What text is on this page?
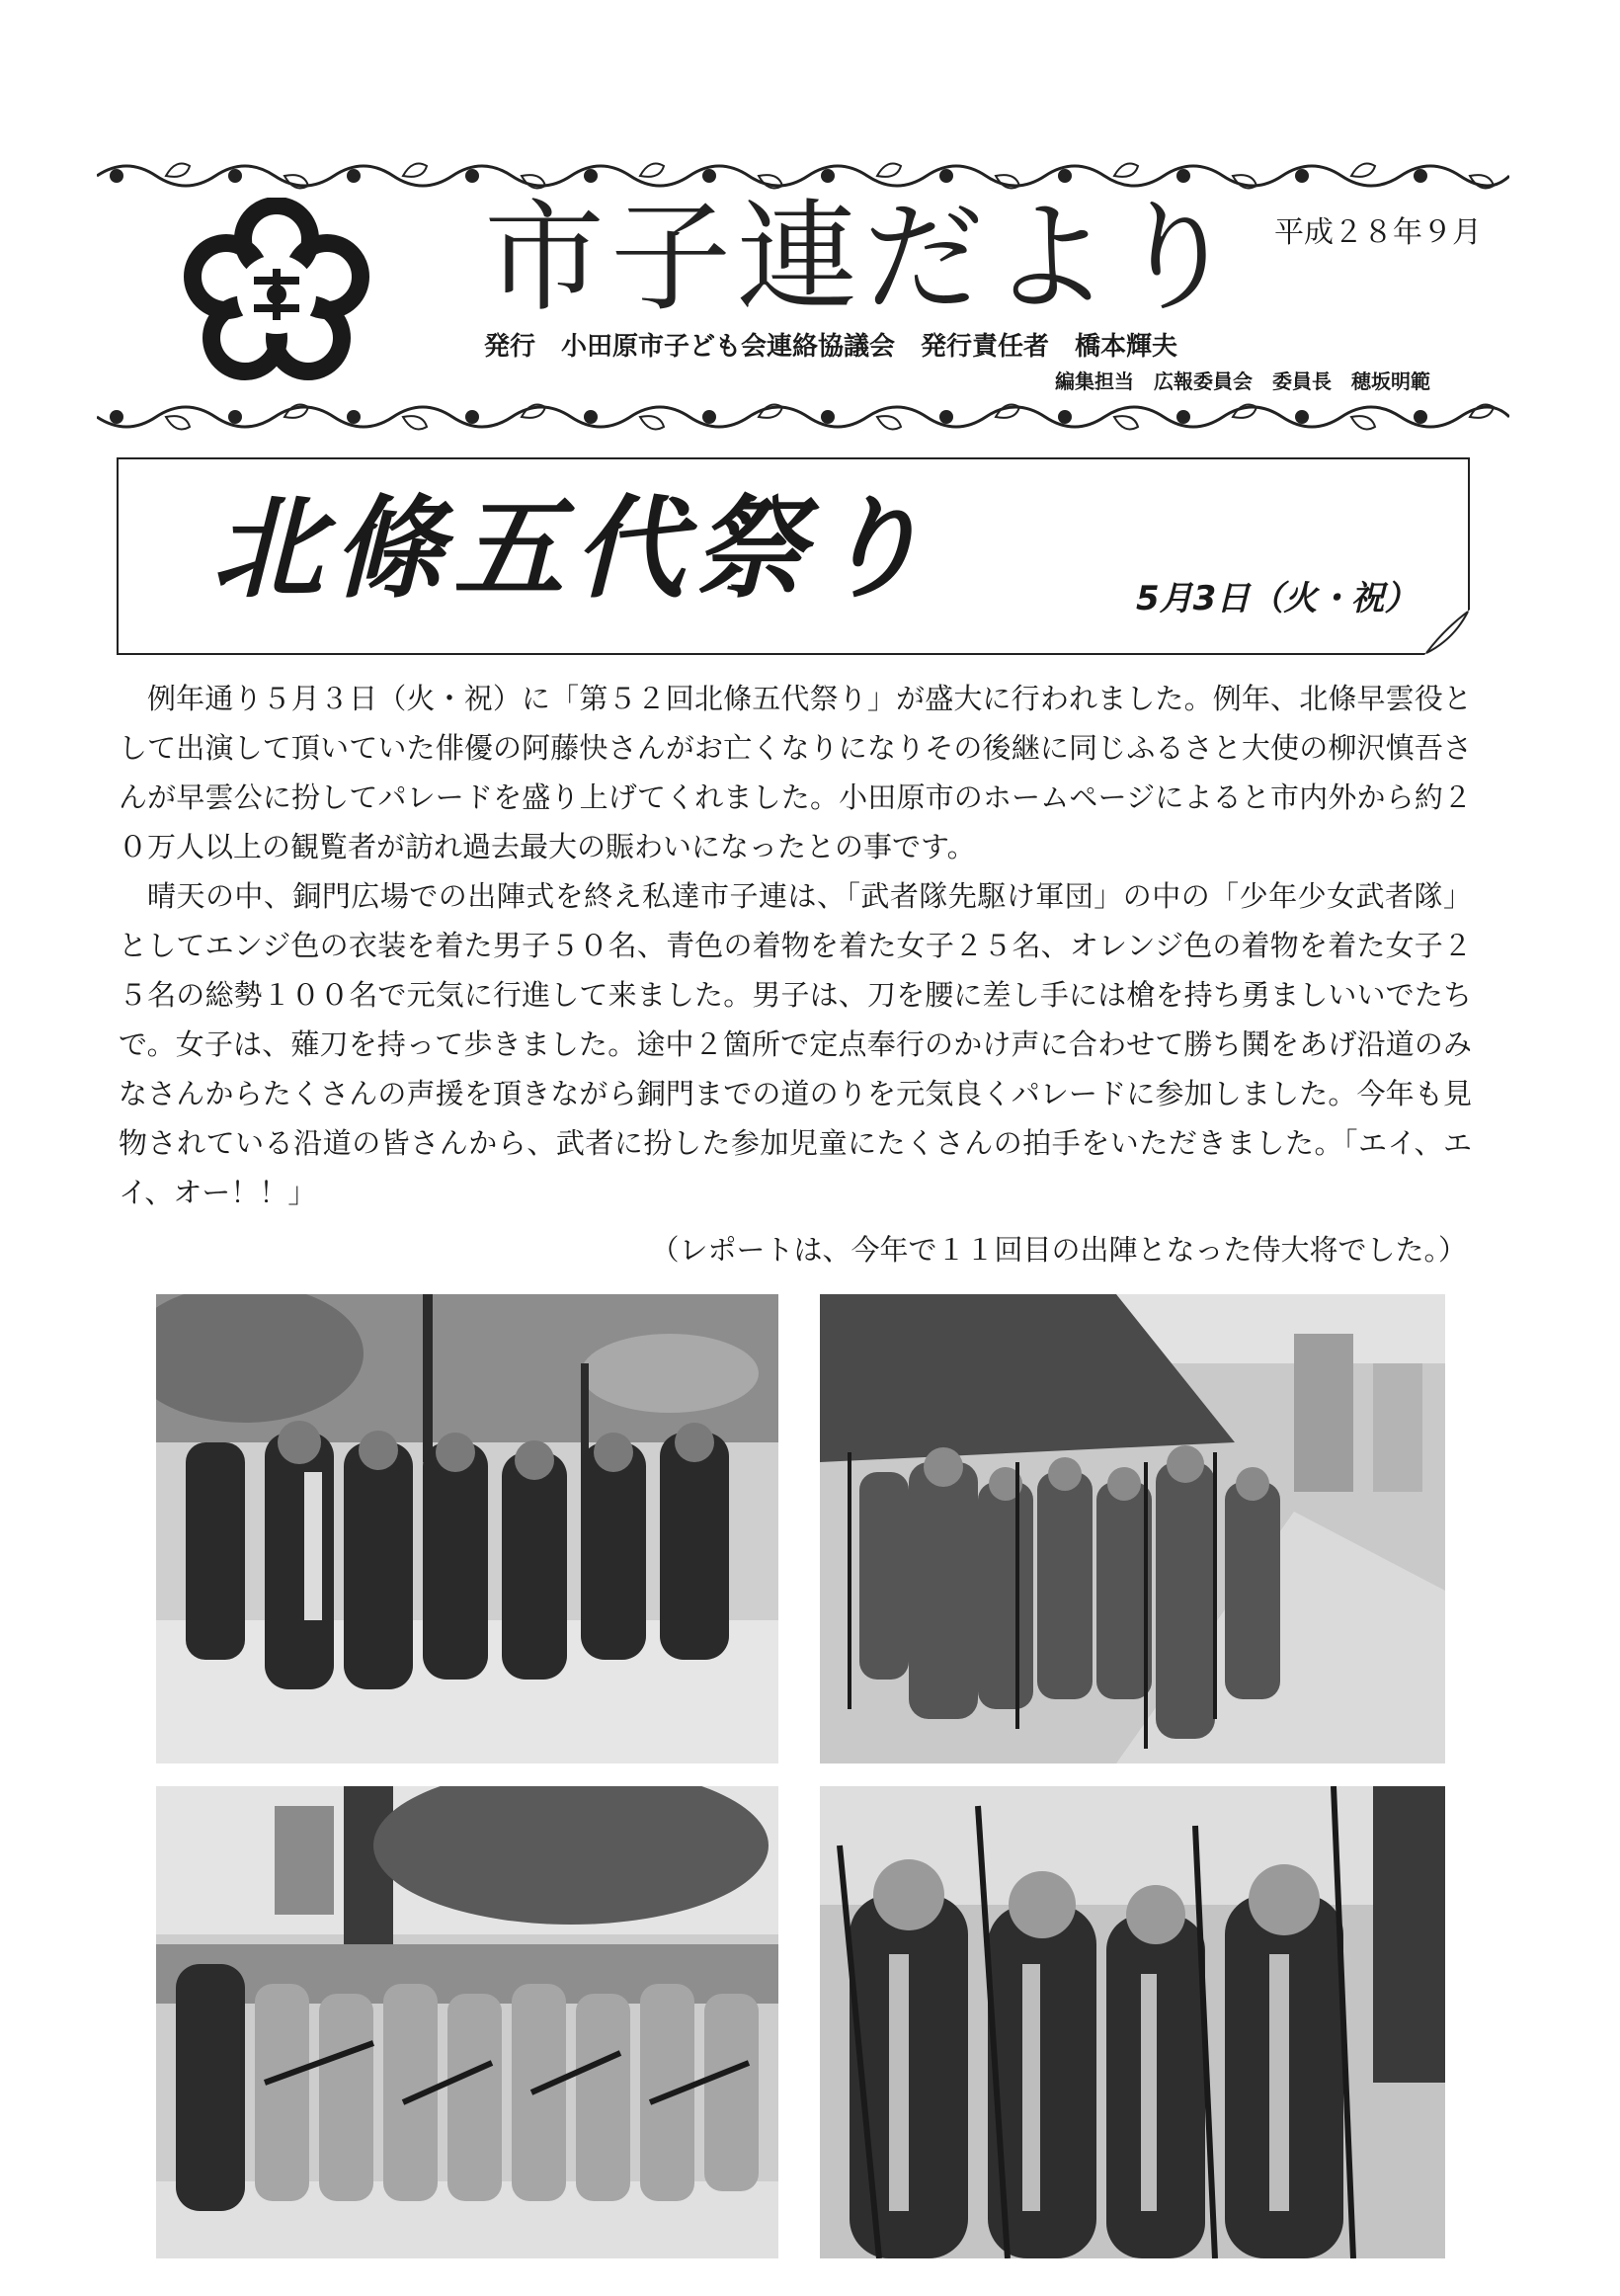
市子連だより 平成２８年９月
発行　小田原市子ども会連絡協議会　発行責任者　橋本輝夫
編集担当　広報委員会　委員長　穂坂明範
北條五代祭り	5月3日（火・祝）

例年通り５月３日（火・祝）に「第５２回北條五代祭り」が盛大に行われました。例年、北條早雲役として出演して頂いていた俳優の阿藤快さんがお亡くなりになりその後継に同じふるさと大使の柳沢慎吾さんが早雲公に扮してパレードを盛り上げてくれました。小田原市のホームページによると市内外から約２０万人以上の観覧者が訪れ過去最大の賑わいになったとの事です。

晴天の中、銅門広場での出陣式を終え私達市子連は、「武者隊先駆け軍団」の中の「少年少女武者隊」としてエンジ色の衣装を着た男子５０名、青色の着物を着た女子２５名、オレンジ色の着物を着た女子２５名の総勢１００名で元気に行進して来ました。男子は、刀を腰に差し手には槍を持ち勇ましいいでたちで。女子は、薙刀を持って歩きました。途中２箇所で定点奉行のかけ声に合わせて勝ち鬨をあげ沿道のみなさんからたくさんの声援を頂きながら銅門までの道のりを元気良くパレードに参加しました。今年も見物されている沿道の皆さんから、武者に扮した参加児童にたくさんの拍手をいただきました。「エイ、エイ、オー！！」

（レポートは、今年で１１回目の出陣となった侍大将でした。）
